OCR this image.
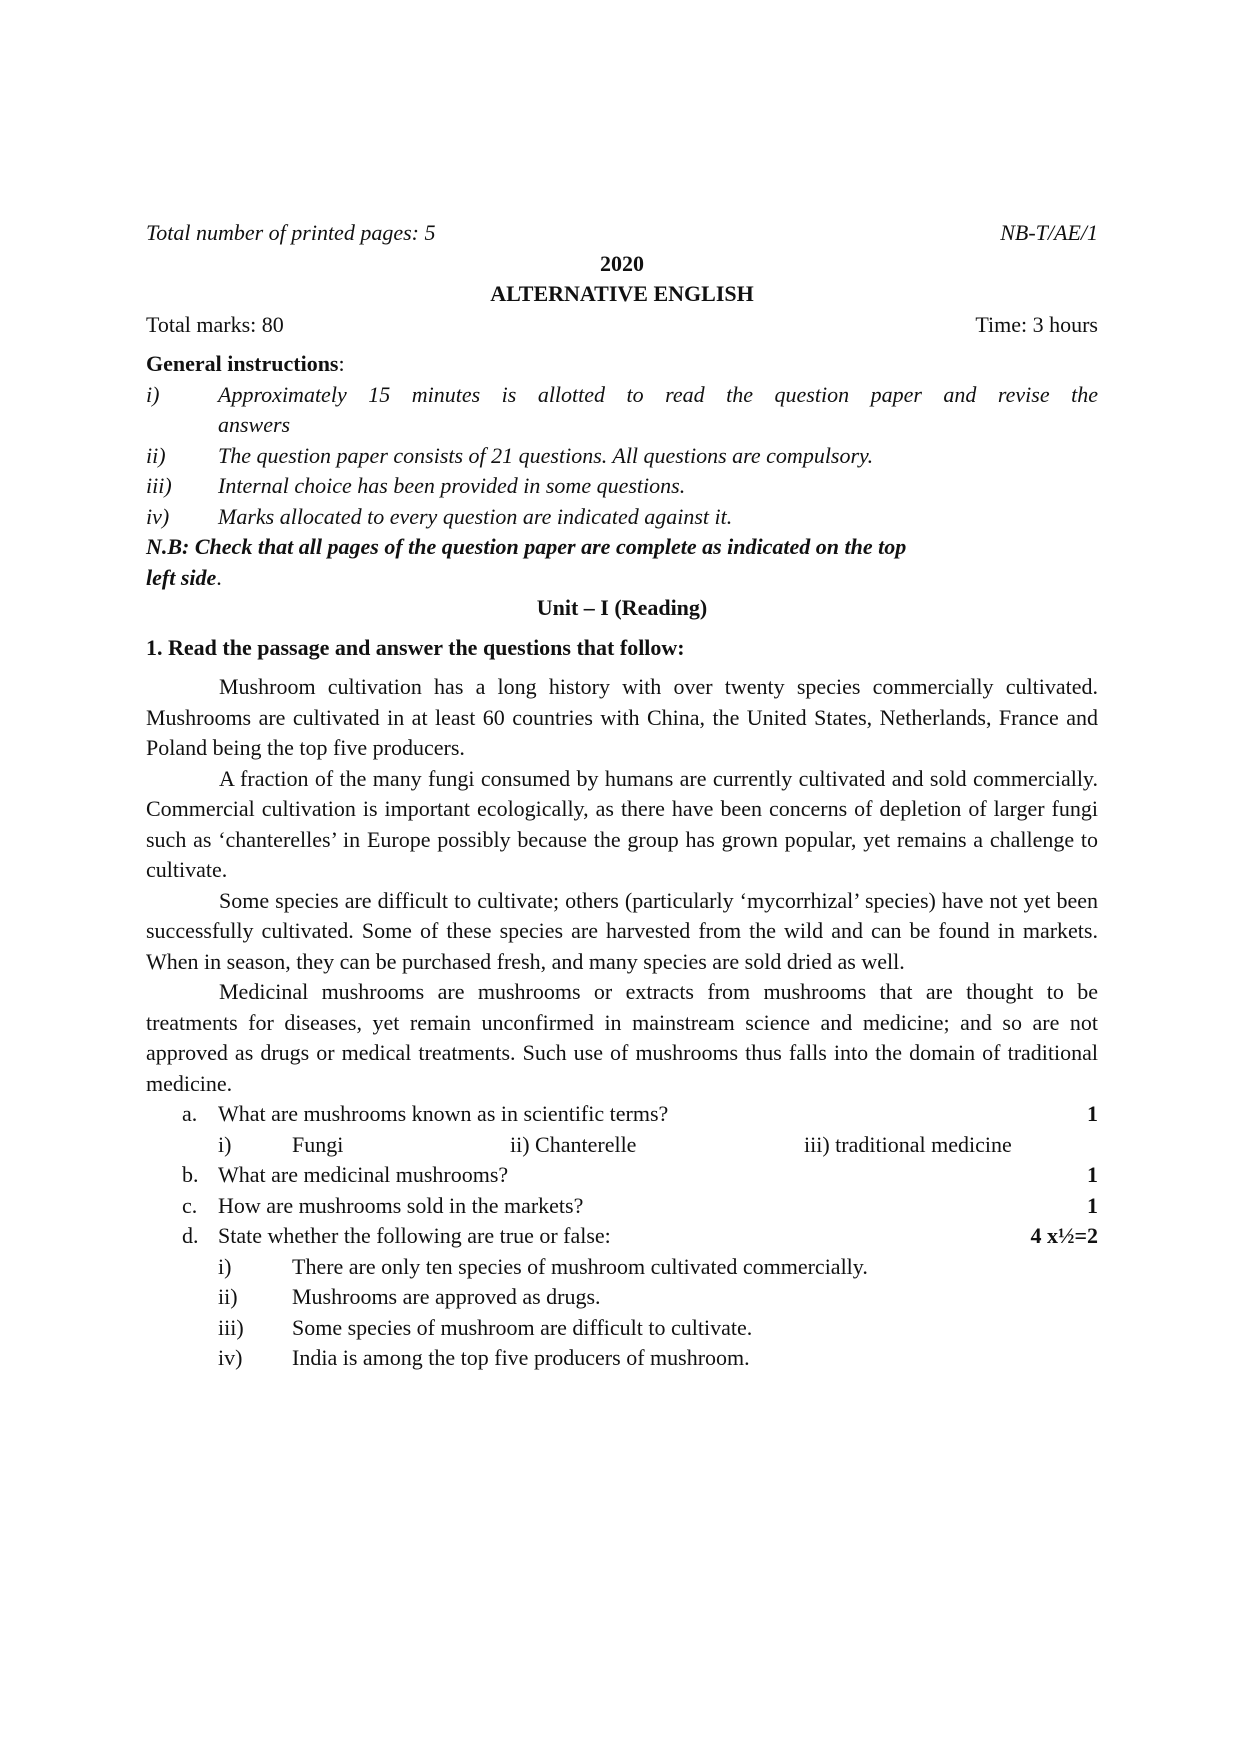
Total number of printed pages: 5	NB-T/AE/1
2020
ALTERNATIVE ENGLISH
Total marks: 80	Time: 3 hours
General instructions:
i)	Approximately 15 minutes is allotted to read the question paper and revise the
answers
ii)	The question paper consists of 21 questions. All questions are compulsory.
iii)	Internal choice has been provided in some questions.
iv)	Marks allocated to every question are indicated against it.
N.B: Check that all pages of the question paper are complete as indicated on the top
left side.
Unit – I (Reading)
1. Read the passage and answer the questions that follow:
Mushroom cultivation has a long history with over twenty species commercially cultivated. Mushrooms are cultivated in at least 60 countries with China, the United States, Netherlands, France and Poland being the top five producers.
A fraction of the many fungi consumed by humans are currently cultivated and sold commercially. Commercial cultivation is important ecologically, as there have been concerns of depletion of larger fungi such as ‘chanterelles’ in Europe possibly because the group has grown popular, yet remains a challenge to cultivate.
Some species are difficult to cultivate; others (particularly ‘mycorrhizal’ species) have not yet been successfully cultivated. Some of these species are harvested from the wild and can be found in markets. When in season, they can be purchased fresh, and many species are sold dried as well.
Medicinal mushrooms are mushrooms or extracts from mushrooms that are thought to be treatments for diseases, yet remain unconfirmed in mainstream science and medicine; and so are not approved as drugs or medical treatments. Such use of mushrooms thus falls into the domain of traditional medicine.
a. What are mushrooms known as in scientific terms?	1
i)	Fungi	ii) Chanterelle	iii) traditional medicine
b. What are medicinal mushrooms?	1
c. How are mushrooms sold in the markets?	1
d. State whether the following are true or false:	4 x½=2
i)	There are only ten species of mushroom cultivated commercially.
ii)	Mushrooms are approved as drugs.
iii)	Some species of mushroom are difficult to cultivate.
iv)	India is among the top five producers of mushroom.
